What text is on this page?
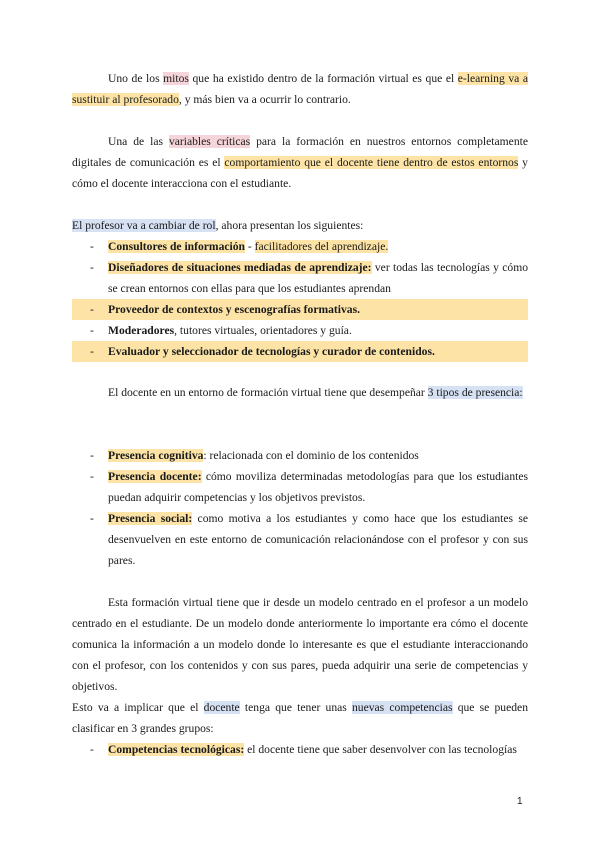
Uno de los mitos que ha existido dentro de la formación virtual es que el e-learning va a sustituir al profesorado, y más bien va a ocurrir lo contrario.

Una de las variables críticas para la formación en nuestros entornos completamente digitales de comunicación es el comportamiento que el docente tiene dentro de estos entornos y cómo el docente interacciona con el estudiante.

El profesor va a cambiar de rol, ahora presentan los siguientes:

- Consultores de información - facilitadores del aprendizaje.
- Diseñadores de situaciones mediadas de aprendizaje: ver todas las tecnologías y cómo se crean entornos con ellas para que los estudiantes aprendan
- Proveedor de contextos y escenografías formativas.
- Moderadores, tutores virtuales, orientadores y guía.
- Evaluador y seleccionador de tecnologías y curador de contenidos.

El docente en un entorno de formación virtual tiene que desempeñar 3 tipos de presencia:

- Presencia cognitiva: relacionada con el dominio de los contenidos
- Presencia docente: cómo moviliza determinadas metodologías para que los estudiantes puedan adquirir competencias y los objetivos previstos.
- Presencia social: como motiva a los estudiantes y como hace que los estudiantes se desenvuelven en este entorno de comunicación relacionándose con el profesor y con sus pares.

Esta formación virtual tiene que ir desde un modelo centrado en el profesor a un modelo centrado en el estudiante. De un modelo donde anteriormente lo importante era cómo el docente comunica la información a un modelo donde lo interesante es que el estudiante interaccionando con el profesor, con los contenidos y con sus pares, pueda adquirir una serie de competencias y objetivos.

Esto va a implicar que el docente tenga que tener unas nuevas competencias que se pueden clasificar en 3 grandes grupos:

- Competencias tecnológicas: el docente tiene que saber desenvolver con las tecnologías
1
